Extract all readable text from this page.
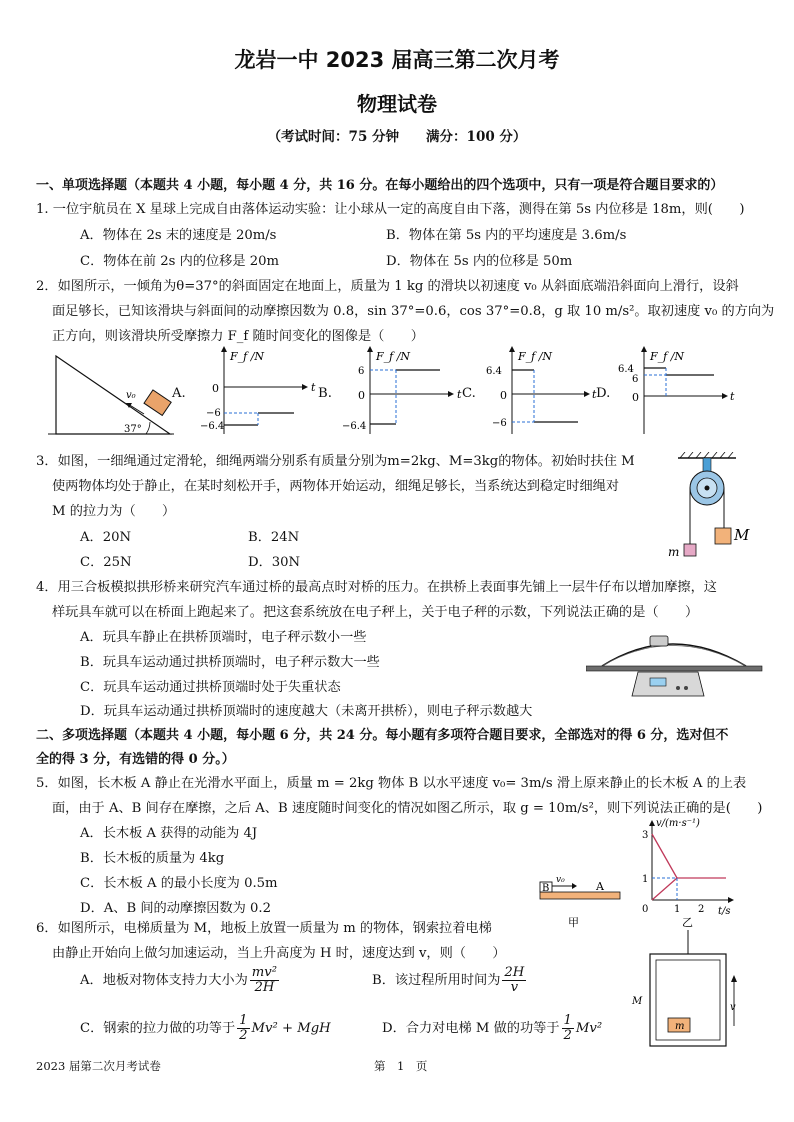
龙岩一中 2023 届高三第二次月考
物理试卷
（考试时间：75 分钟　　满分：100 分）
一、单项选择题（本题共 4 小题，每小题 4 分，共 16 分。在每小题给出的四个选项中，只有一项是符合题目要求的）
1. 一位宇航员在 X 星球上完成自由落体运动实验：让小球从一定的高度自由下落，测得在第 5s 内位移是 18m，则(　　)
A．物体在 2s 末的速度是 20m/s	B．物体在第 5s 内的平均速度是 3.6m/s
C．物体在前 2s 内的位移是 20m	D．物体在 5s 内的位移是 50m
2．如图所示，一倾角为θ=37°的斜面固定在地面上，质量为 1 kg 的滑块以初速度 v₀ 从斜面底端沿斜面向上滑行，设斜
面足够长，已知该滑块与斜面间的动摩擦因数为 0.8，sin 37°=0.6，cos 37°=0.8，g 取 10 m/s²。取初速度 v₀ 的方向为
正方向，则该滑块所受摩擦力 F_f 随时间变化的图像是（　　）
v₀
37°
A.
F_f /N
t
0
−6
−6.4
B.
F_f /N
t
0
6
−6.4
C.
F_f /N
t
0
6.4
−6
D.
F_f /N
t
0
6.4
6
3．如图，一细绳通过定滑轮，细绳两端分别系有质量分别为m=2kg、M=3kg的物体。初始时扶住 M
使两物体均处于静止，在某时刻松开手，两物体开始运动，细绳足够长，当系统达到稳定时细绳对
M 的拉力为（　　）
A．20N	B．24N
C．25N	D．30N
m
M
4．用三合板模拟拱形桥来研究汽车通过桥的最高点时对桥的压力。在拱桥上表面事先铺上一层牛仔布以增加摩擦，这
样玩具车就可以在桥面上跑起来了。把这套系统放在电子秤上，关于电子秤的示数，下列说法正确的是（　　）
A．玩具车静止在拱桥顶端时，电子秤示数小一些
B．玩具车运动通过拱桥顶端时，电子秤示数大一些
C．玩具车运动通过拱桥顶端时处于失重状态
D．玩具车运动通过拱桥顶端时的速度越大（未离开拱桥），则电子秤示数越大
二、多项选择题（本题共 4 小题，每小题 6 分，共 24 分。每小题有多项符合题目要求，全部选对的得 6 分，选对但不
全的得 3 分，有选错的得 0 分。）
5．如图，长木板 A 静止在光滑水平面上，质量 m = 2kg 物体 B 以水平速度 v₀= 3m/s 滑上原来静止的长木板 A 的上表
面，由于 A、B 间存在摩擦，之后 A、B 速度随时间变化的情况如图乙所示，取 g = 10m/s²，则下列说法正确的是(　　)
A．长木板 A 获得的动能为 4J
B．长木板的质量为 4kg
C．长木板 A 的最小长度为 0.5m
D．A、B 间的动摩擦因数为 0.2
B	A
v₀
甲
v/(m·s⁻¹)
t/s
3
1
0	1 2
乙
6．如图所示，电梯质量为 M，地板上放置一质量为 m 的物体，钢索拉着电梯
由静止开始向上做匀加速运动，当上升高度为 H 时，速度达到 v，则（　　）
A．地板对物体支持力大小为 $\frac{\text{mv²}}{2H}$	B．该过程所用时间为 $\frac{2H}{v}$
C．钢索的拉力做的功等于 $\frac{1}{2} Mv^2$ + MgH	D．合力对电梯 M 做的功等于 $\frac{1}{2} Mv^2$	m
M
v
2023 届第二次月考试卷	第　1　页
